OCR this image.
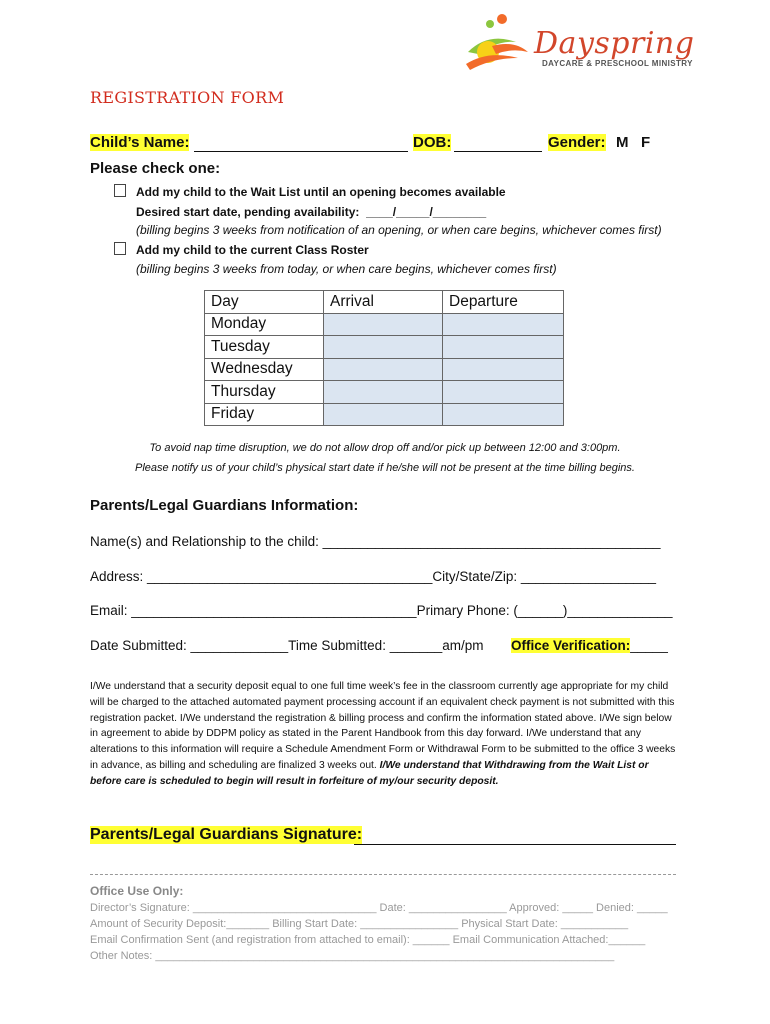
Dayspring
DAYCARE & PRESCHOOL MINISTRY
REGISTRATION FORM
Child’s Name:	DOB:	Gender: M   F
Please check one:
Add my child to the Wait List until an opening becomes available
Desired start date, pending availability:  ____/_____/________
(billing begins 3 weeks from notification of an opening, or when care begins, whichever comes first)
Add my child to the current Class Roster
(billing begins 3 weeks from today, or when care begins, whichever comes first)
Day	Arrival	Departure
Monday		
Tuesday		
Wednesday		
Thursday		
Friday		
To avoid nap time disruption, we do not allow drop off and/or pick up between 12:00 and 3:00pm.
Please notify us of your child’s physical start date if he/she will not be present at the time billing begins.
Parents/Legal Guardians Information:
Name(s) and Relationship to the child: _____________________________________________
Address: ______________________________________City/State/Zip: __________________
Email: ______________________________________Primary Phone: (______)______________
Date Submitted: _____________Time Submitted: _______am/pm Office Verification:_____
I/We understand that a security deposit equal to one full time week’s fee in the classroom currently age appropriate for my child will be charged to the attached automated payment processing account if an equivalent check payment is not submitted with this registration packet. I/We understand the registration & billing process and confirm the information stated above. I/We sign below in agreement to abide by DDPM policy as stated in the Parent Handbook from this day forward. I/We understand that any alterations to this information will require a Schedule Amendment Form or Withdrawal Form to be submitted to the office 3 weeks in advance, as billing and scheduling are finalized 3 weeks out. I/We understand that Withdrawing from the Wait List or before care is scheduled to begin will result in forfeiture of my/our security deposit.
Parents/Legal Guardians Signature:
Office Use Only:
Director’s Signature: ______________________________ Date: ________________ Approved: _____ Denied: _____
Amount of Security Deposit:_______ Billing Start Date: ________________ Physical Start Date: ___________
Email Confirmation Sent (and registration from attached to email): ______ Email Communication Attached:______
Other Notes: ___________________________________________________________________________
